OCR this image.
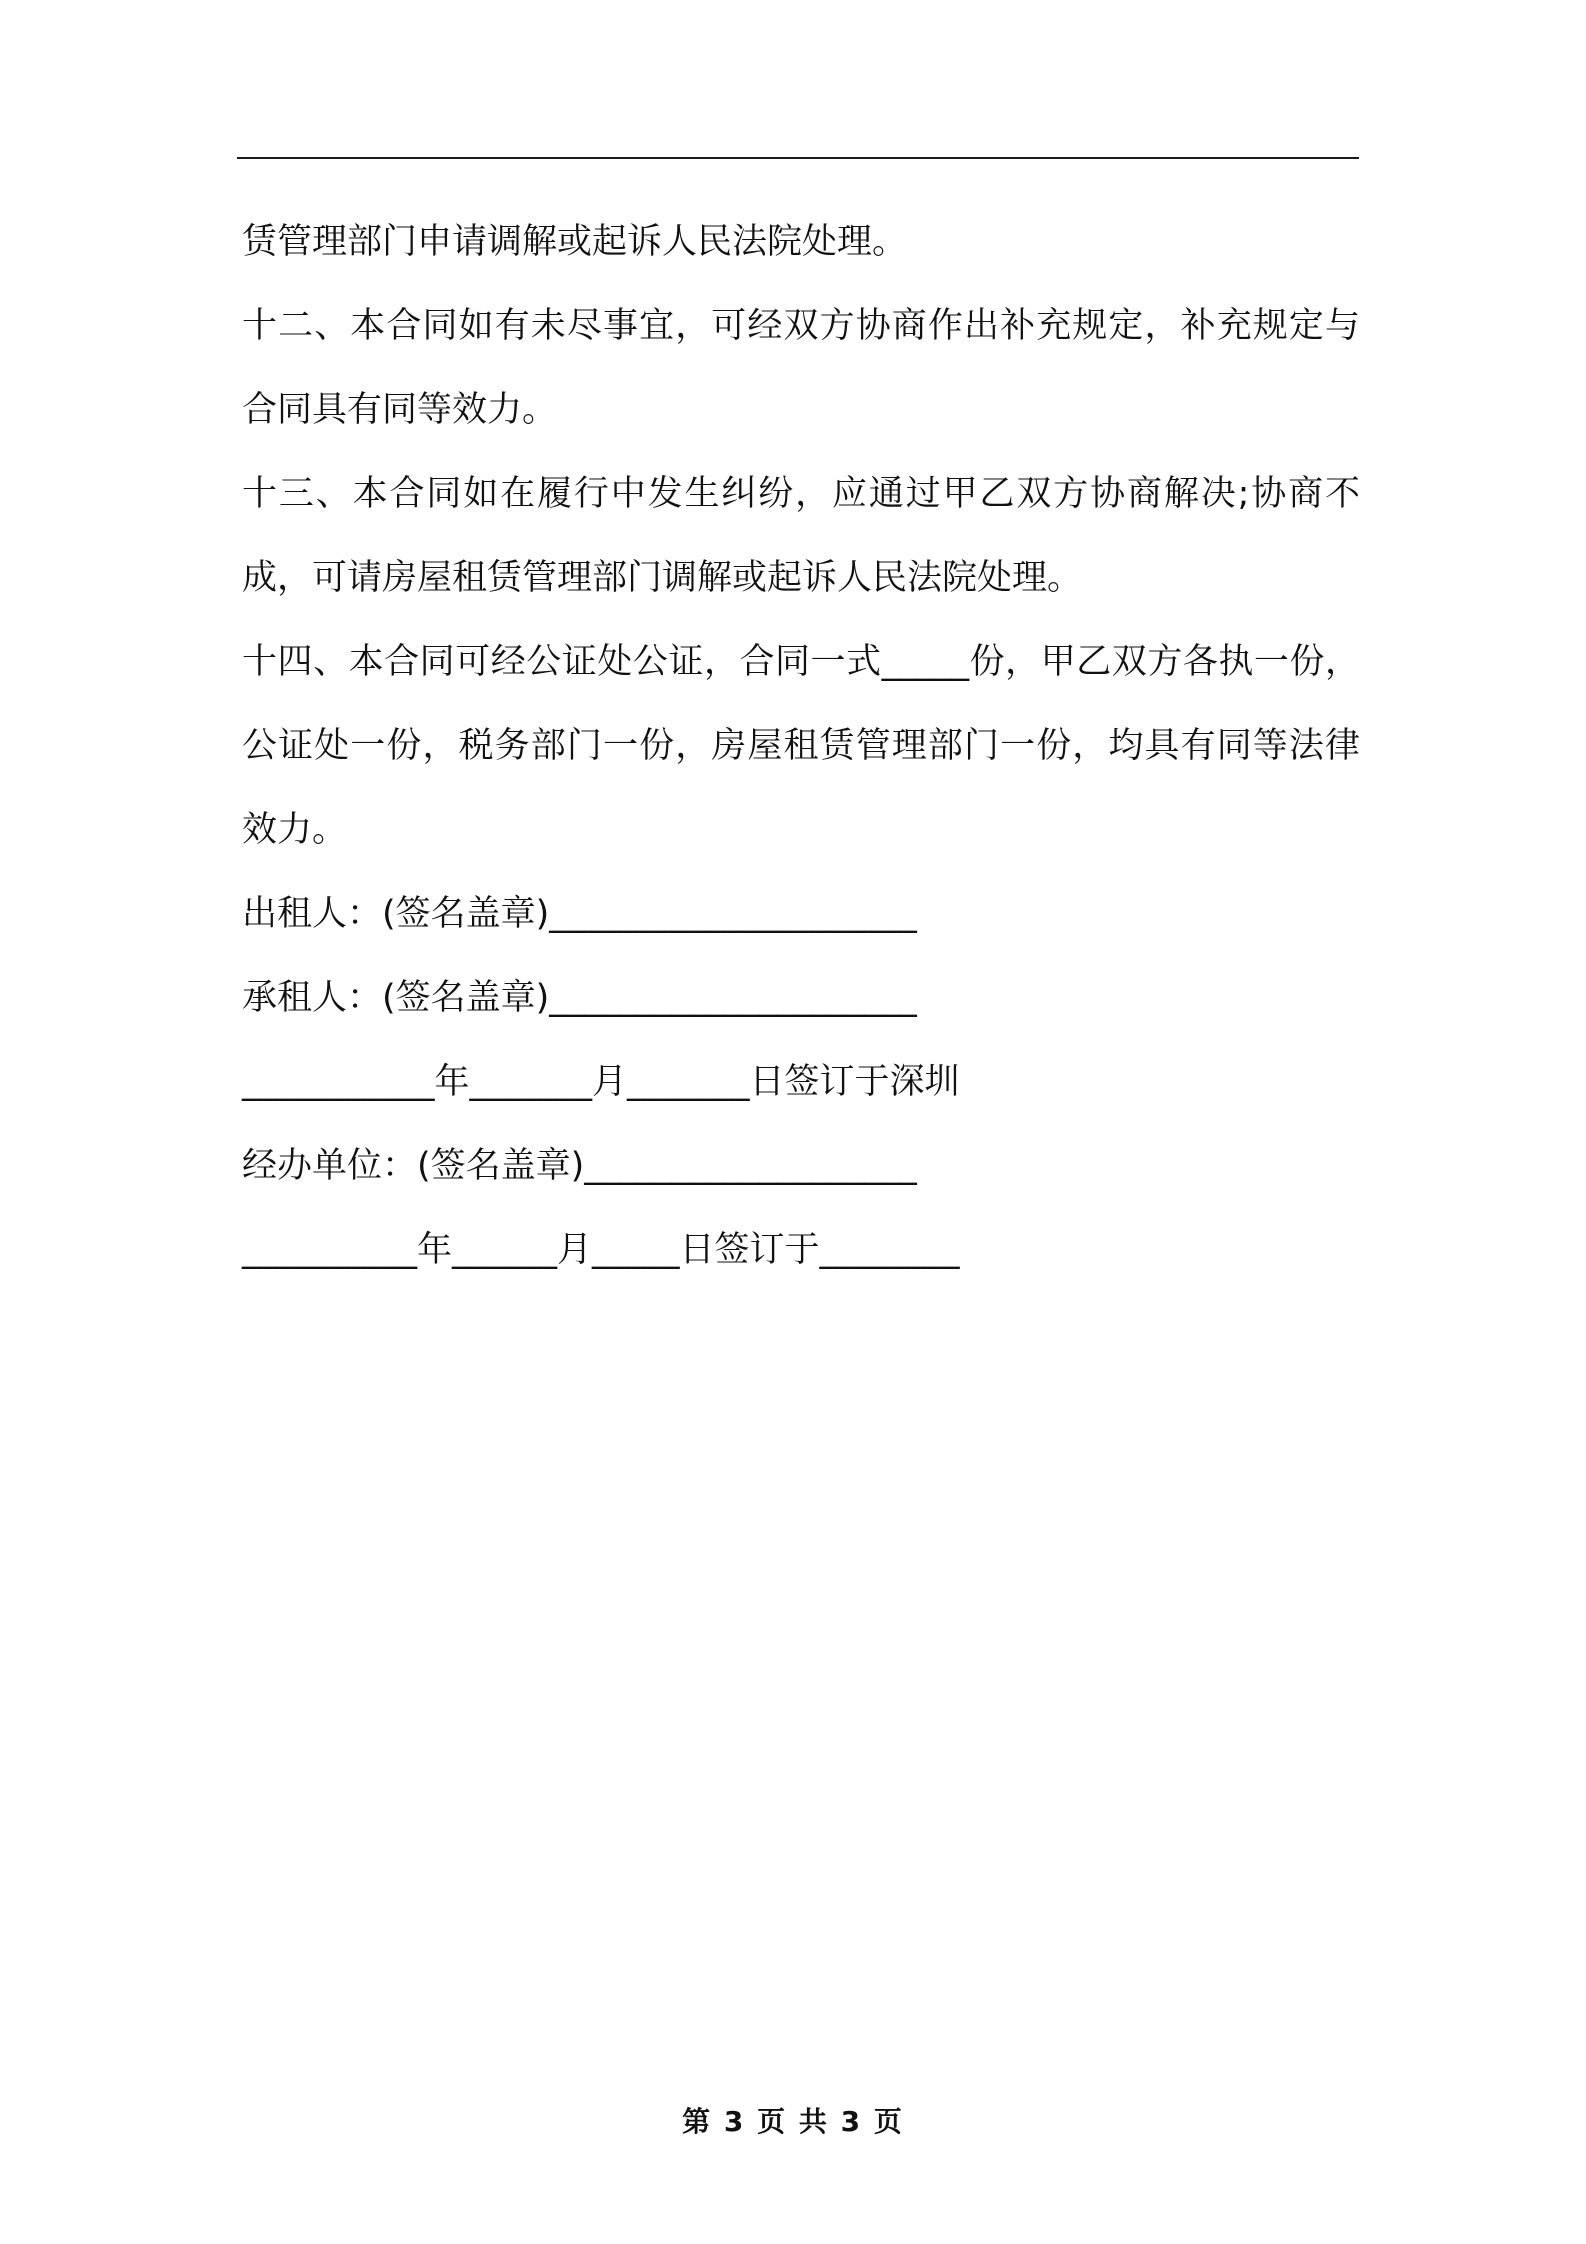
赁管理部门申请调解或起诉人民法院处理。

十二、本合同如有未尽事宜，可经双方协商作出补充规定，补充规定与合同具有同等效力。

十三、本合同如在履行中发生纠纷，应通过甲乙双方协商解决;协商不成，可请房屋租赁管理部门调解或起诉人民法院处理。

十四、本合同可经公证处公证，合同一式_____份，甲乙双方各执一份，公证处一份，税务部门一份，房屋租赁管理部门一份，均具有同等法律效力。

出租人：(签名盖章)_____________________

承租人：(签名盖章)_____________________

___________年_______月_______日签订于深圳

经办单位：(签名盖章)___________________

__________年______月_____日签订于________

第 3 页 共 3 页
